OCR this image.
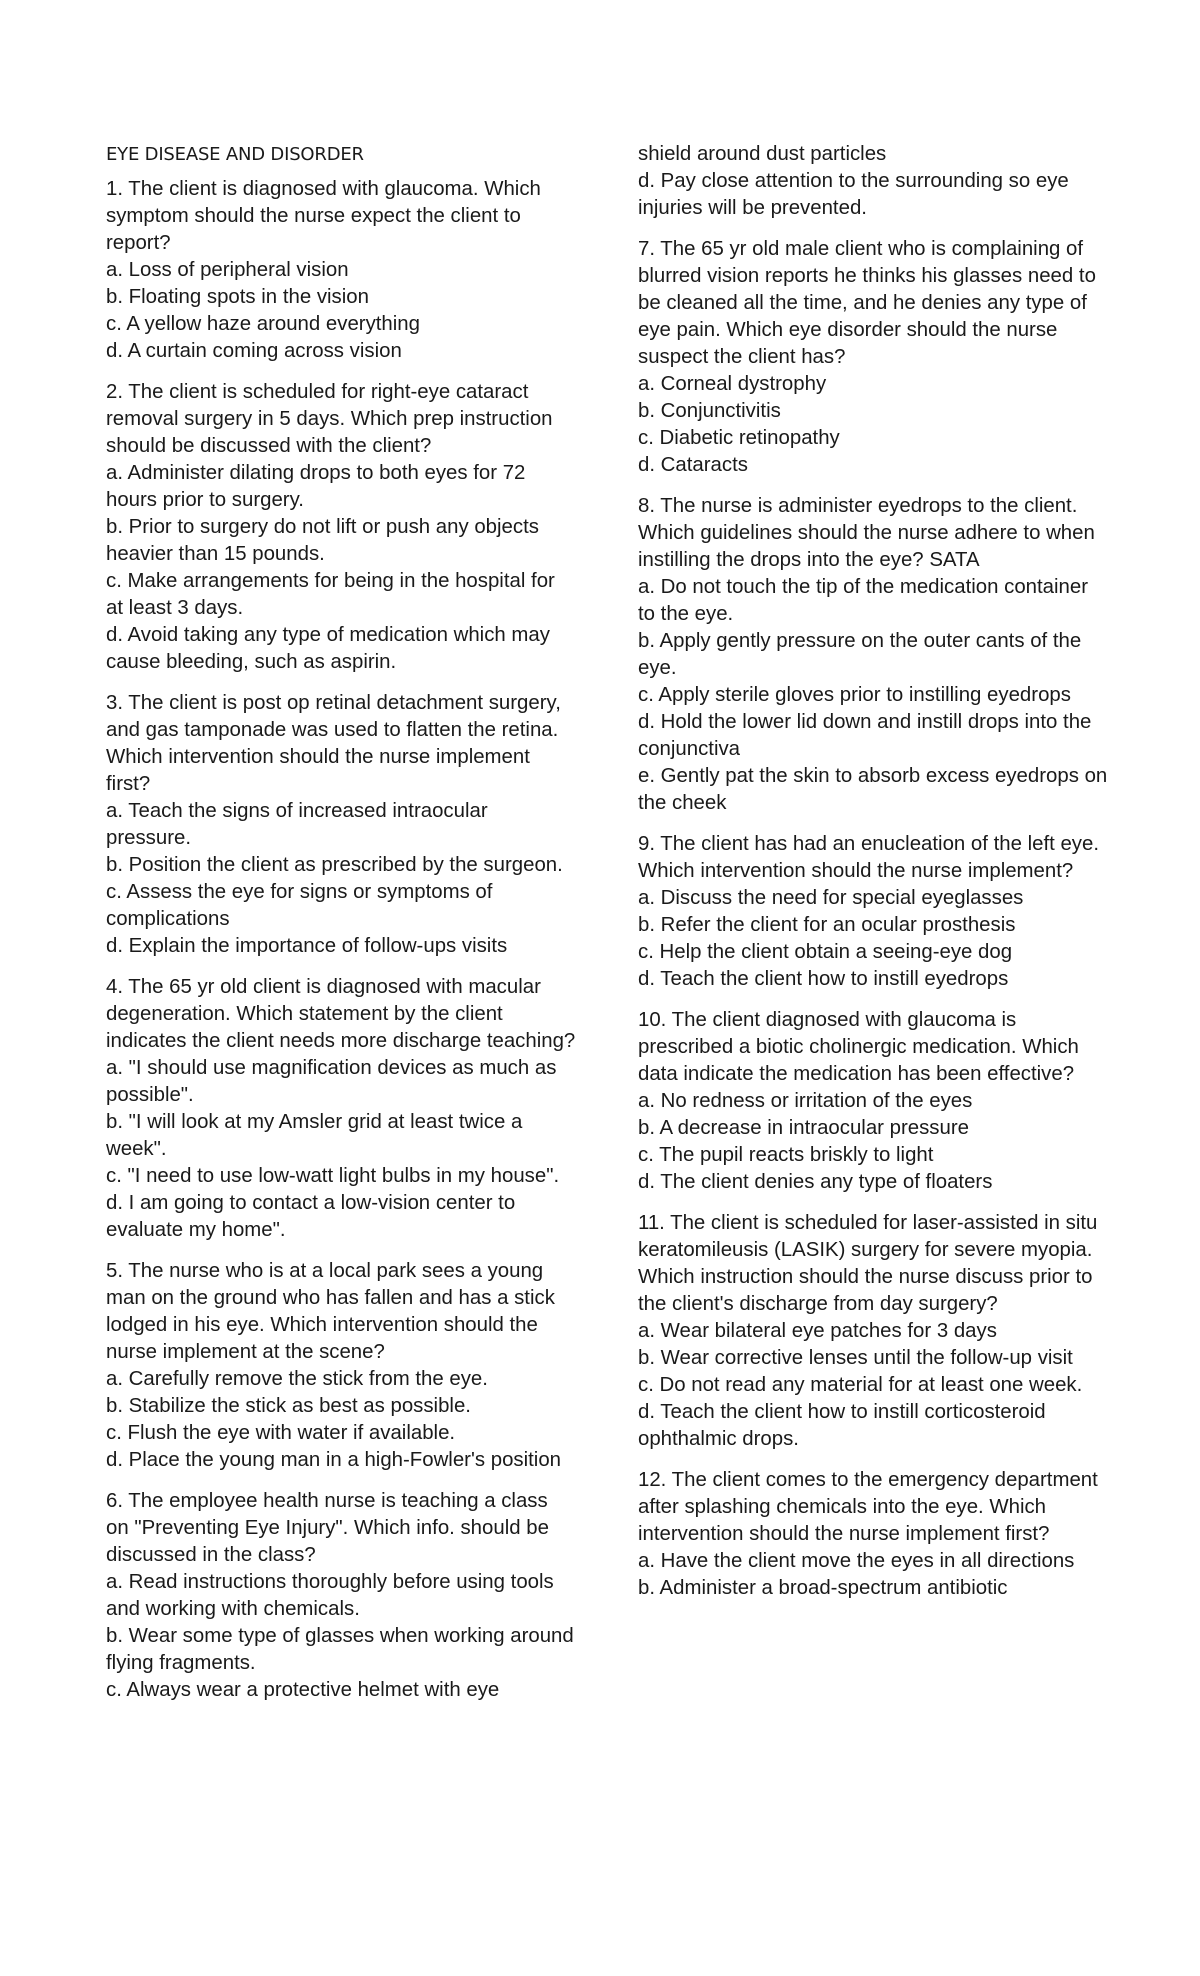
EYE DISEASE AND DISORDER

1. The client is diagnosed with glaucoma. Which symptom should the nurse expect the client to report?

a. Loss of peripheral vision

b. Floating spots in the vision

c. A yellow haze around everything

d. A curtain coming across vision

2. The client is scheduled for right-eye cataract removal surgery in 5 days. Which prep instruction should be discussed with the client?

a. Administer dilating drops to both eyes for 72 hours prior to surgery.

b. Prior to surgery do not lift or push any objects heavier than 15 pounds.

c. Make arrangements for being in the hospital for at least 3 days.

d. Avoid taking any type of medication which may cause bleeding, such as aspirin.

3. The client is post op retinal detachment surgery, and gas tamponade was used to flatten the retina. Which intervention should the nurse implement first?

a. Teach the signs of increased intraocular pressure.

b. Position the client as prescribed by the surgeon.

c. Assess the eye for signs or symptoms of complications

d. Explain the importance of follow-ups visits

4. The 65 yr old client is diagnosed with macular degeneration. Which statement by the client indicates the client needs more discharge teaching?

a. "I should use magnification devices as much as possible".

b. "I will look at my Amsler grid at least twice a week".

c. "I need to use low-watt light bulbs in my house".

d. I am going to contact a low-vision center to evaluate my home".

5. The nurse who is at a local park sees a young man on the ground who has fallen and has a stick lodged in his eye. Which intervention should the nurse implement at the scene?

a. Carefully remove the stick from the eye.

b. Stabilize the stick as best as possible.

c. Flush the eye with water if available.

d. Place the young man in a high-Fowler's position

6. The employee health nurse is teaching a class on "Preventing Eye Injury". Which info. should be discussed in the class?

a. Read instructions thoroughly before using tools and working with chemicals.

b. Wear some type of glasses when working around flying fragments.

c. Always wear a protective helmet with eye

shield around dust particles

d. Pay close attention to the surrounding so eye injuries will be prevented.

7. The 65 yr old male client who is complaining of blurred vision reports he thinks his glasses need to be cleaned all the time, and he denies any type of eye pain. Which eye disorder should the nurse suspect the client has?

a. Corneal dystrophy

b. Conjunctivitis

c. Diabetic retinopathy

d. Cataracts

8. The nurse is administer eyedrops to the client. Which guidelines should the nurse adhere to when instilling the drops into the eye? SATA

a. Do not touch the tip of the medication container to the eye.

b. Apply gently pressure on the outer cants of the eye.

c. Apply sterile gloves prior to instilling eyedrops

d. Hold the lower lid down and instill drops into the conjunctiva

e. Gently pat the skin to absorb excess eyedrops on the cheek

9. The client has had an enucleation of the left eye. Which intervention should the nurse implement?

a. Discuss the need for special eyeglasses

b. Refer the client for an ocular prosthesis

c. Help the client obtain a seeing-eye dog

d. Teach the client how to instill eyedrops

10. The client diagnosed with glaucoma is prescribed a biotic cholinergic medication. Which data indicate the medication has been effective?

a. No redness or irritation of the eyes

b. A decrease in intraocular pressure

c. The pupil reacts briskly to light

d. The client denies any type of floaters

11. The client is scheduled for laser-assisted in situ keratomileusis (LASIK) surgery for severe myopia. Which instruction should the nurse discuss prior to the client's discharge from day surgery?

a. Wear bilateral eye patches for 3 days

b. Wear corrective lenses until the follow-up visit

c. Do not read any material for at least one week.

d. Teach the client how to instill corticosteroid ophthalmic drops.

12. The client comes to the emergency department after splashing chemicals into the eye. Which intervention should the nurse implement first?

a. Have the client move the eyes in all directions

b. Administer a broad-spectrum antibiotic
